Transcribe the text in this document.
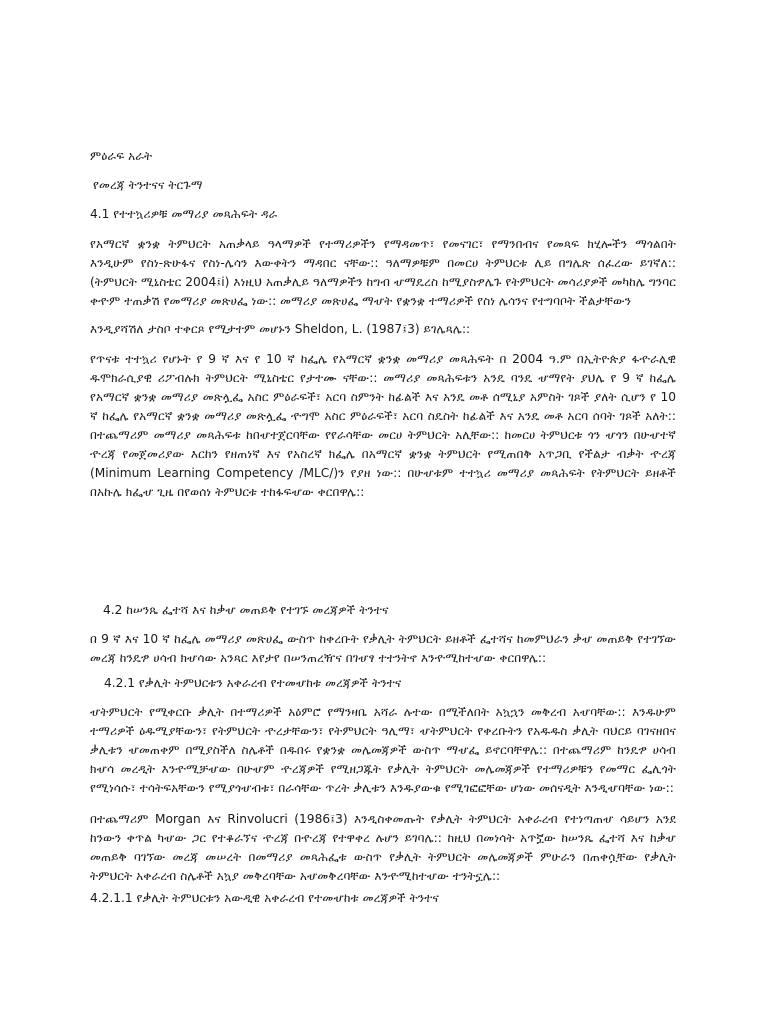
ምዕራፍ አራት
የመረጃ ትንተናና ትርጉማ
4.1 የተተኳሪዎቹ መማሪያ መጻሕፍት ዳራ

የአማርኛ ቋንቋ ትምህርት አጠቃላይ ዓላማዎች የተማሪዎችን የማዳመጥ፣ የመናገር፣ የማንበብና የመጻፍ ክሂሎችን ማጎልበት እንዲሁም የስነ-ጽሁፋና የስነ-ሌሳን እውቀትን ማዳበር ናቸው:: ዓለማዎቹም በመርሀ ትምህርቱ ሊይ በግሌጽ ሰፈረው ይገኛለ:: (ትምህርት ሚኒስቴር 2004፤i) እነዚህ አጠቃሊይ ዓለማዎችን ከግብ ሇማዴረስ ከሚያስፇሌጉ የትምህርት መሳሪያዎች መካከሌ ግንባር ቀዯም ተጠቃሽ የመማሪያ መጽሀፌ ነው:: መማሪያ መጽሀፌ ማሇት የቋንቋ ተማሪዎች የስነ ሌሳንና የተግባቦት ችልታቸውን

እንዲያሻሽለ ታስቦ ተቀርጾ የሚታተም መሆኑን Sheldon, L. (1987፤3) ይገሌጻሌ::

የጥናቱ ተተኳሪ የሆኑት የ 9 ኛ እና የ 10 ኛ ከፌሌ የአማርኛ ቋንቋ መማሪያ መጻሕፍት በ 2004 ዓ.ም በኢትዮጵያ ፋዯራሊዊ ዱሞክራሲያዊ ሪፖብሉክ ትምህርት ሚኒስቴር የታተሙ ናቸው:: መማሪያ መጻሕፍቱን አንዴ ባንዴ ሇማየት ያህሌ የ 9 ኛ ከፌሌ የአማርኛ ቋንቋ መማሪያ መጽሏፌ አስር ምዕራፍች፣ አርባ ስምንት ከፊልች እና አንዴ መቶ ሰሚኒያ አምስት ገጾች ያለት ሲሆን የ 10 ኛ ከፌሌ የአማርኛ ቋንቋ መማሪያ መጽሏፌ ዯግሞ አስር ምዕራፍች፣ አርባ ስዴስት ከፊልች እና አንዴ መቶ አርባ ሰባት ገጾች አለት:: በተጨማሪም መማሪያ መጻሕፍቱ ከበሇተጀርባቸው የየራሳቸው መርሀ ትምህርት አሊቸው:: ከመርሀ ትምህርቱ ጎን ሇጎን በሁሇተኛ ዯረጃ የመጀመሪያው እርከን የዘጠነኛ እና የአስረኛ ክፌሌ በአማርኛ ቋንቋ ትምህርት የሚጠበቅ አጥጋቢ የችልታ ብቃት ዯረጃ (Minimum Learning Competency /MLC/)ን የያዘ ነው:: በሁሇቱም ተተኳሪ መማሪያ መጻሕፍት የትምህርት ይዘቶች በአኩሌ ክፌሇ ጊዜ በየወሰነ ትምህርቱ ተከፋፍሇው ቀርበዋሌ::

4.2 ከሠንጼ ፌተሻ እና ከቃሇ መጠይቅ የተገኙ መረጃዎች ትንተና

በ 9 ኛ እና 10 ኛ ከፌሌ መማሪያ መጽሀፌ ውስጥ ከቀረቡት የቃሊት ትምህርት ይዘቶች ፌተሻና ከመምህራን ቃሇ መጠይቅ የተገኘው መረጃ ከንዴፇ ሀሳብ ክሇሳው አንጻር እየታየ በሠንጠረዥና በገሇፃ ተተንትኖ እንዯሚከተሇው ቀርበዋሌ::

4.2.1 የቃሊት ትምህርቱን አቀራረብ የተመሇከቱ መረጃዎች ትንተና

ሇትምህርት የሚቀርቡ ቃሊት በተማሪዎች አዕምሮ የማንዛቤ አሻራ ሉተው በሚችለበት አኳኋን መቅረብ አሇባቸው:: እንዱሁም ተማሪዎች ዕዱሚያቸውን፣ የትምህርት ዯረታቸውን፣ የትምህርት ዓሊማ፣ ሇትምህርት የቀረቡትን የአዱዱስ ቃሊት ባህርይ ባገናዘበና ቃሊቱን ሇመጠቀም በሚያስችለ ስሌቶች በዱበሩ የቋንቋ መሌመጃዎች ውስጥ ማሇፌ ይኖርባቸዋሌ:: በተጨማሪም ከንዴፇ ሀሳብ ክሇሳ መረዲት እንዯሚቻሇው በሁሇም ዯረጃዎች የሚዘጋጁት የቃሊት ትምህርት መሌመጃዎች የተማሪዎቹን የመማር ፌሊጎት የሚነሳሱ፣ ተሳትፍአቸውን የሚያጎሇብቱ፣ በራሳቸው ጥረት ቃሊቱን እንዱያውቁ የሚገፎፎቸው ሆነው መሰናዲት እንዲሇባቸው ነው::

በተጨማሪም Morgan እና Rinvolucri (1986፤3) እንዲስቀመጡት የቃሊት ትምህርት አቀራረብ የተነጣጠሇ ሳይሆን አንደ ከንውን ቀጥል ካሇው ጋር የተቆራኘና ዯረጃ በዯረጃ የተዋቀረ ሉሆን ይገባሌ:: ከዚህ በመነሳት አጥኟው ከሠንጼ ፌተሻ እና ከቃሇ መጠይቅ ባገኘው መረጃ መሠረት በመማሪያ መጻሕፌቱ ውስጥ የቃሊት ትምህርት መሌመጃዎች ምሁራን በጠቀሷቸው የቃሊት ትምህርት አቀራረብ ስሌቶች አኳያ መቅረባቸው አሇመቅረባቸው እንዯሚከተሇው ተንትኗሌ::

4.2.1.1 የቃሊት ትምህርቱን አውዲዊ አቀራረብ የተመሇከቱ መረጃዎች ትንተና
